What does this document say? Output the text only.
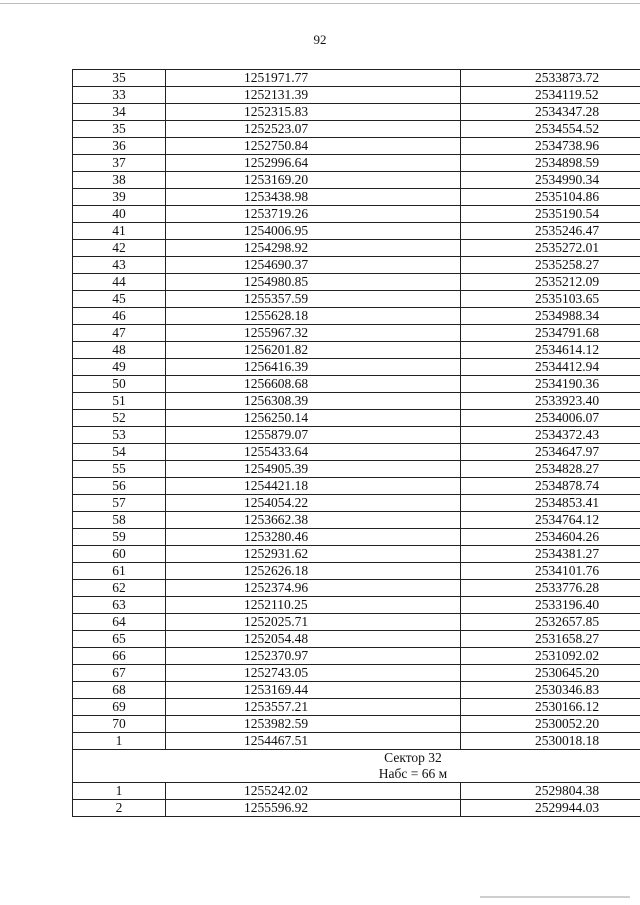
92
35	1251971.77	2533873.72
33	1252131.39	2534119.52
34	1252315.83	2534347.28
35	1252523.07	2534554.52
36	1252750.84	2534738.96
37	1252996.64	2534898.59
38	1253169.20	2534990.34
39	1253438.98	2535104.86
40	1253719.26	2535190.54
41	1254006.95	2535246.47
42	1254298.92	2535272.01
43	1254690.37	2535258.27
44	1254980.85	2535212.09
45	1255357.59	2535103.65
46	1255628.18	2534988.34
47	1255967.32	2534791.68
48	1256201.82	2534614.12
49	1256416.39	2534412.94
50	1256608.68	2534190.36
51	1256308.39	2533923.40
52	1256250.14	2534006.07
53	1255879.07	2534372.43
54	1255433.64	2534647.97
55	1254905.39	2534828.27
56	1254421.18	2534878.74
57	1254054.22	2534853.41
58	1253662.38	2534764.12
59	1253280.46	2534604.26
60	1252931.62	2534381.27
61	1252626.18	2534101.76
62	1252374.96	2533776.28
63	1252110.25	2533196.40
64	1252025.71	2532657.85
65	1252054.48	2531658.27
66	1252370.97	2531092.02
67	1252743.05	2530645.20
68	1253169.44	2530346.83
69	1253557.21	2530166.12
70	1253982.59	2530052.20
1	1254467.51	2530018.18

Сектор 32
Набс = 66 м		

1	1255242.02	2529804.38
2	1255596.92	2529944.03
